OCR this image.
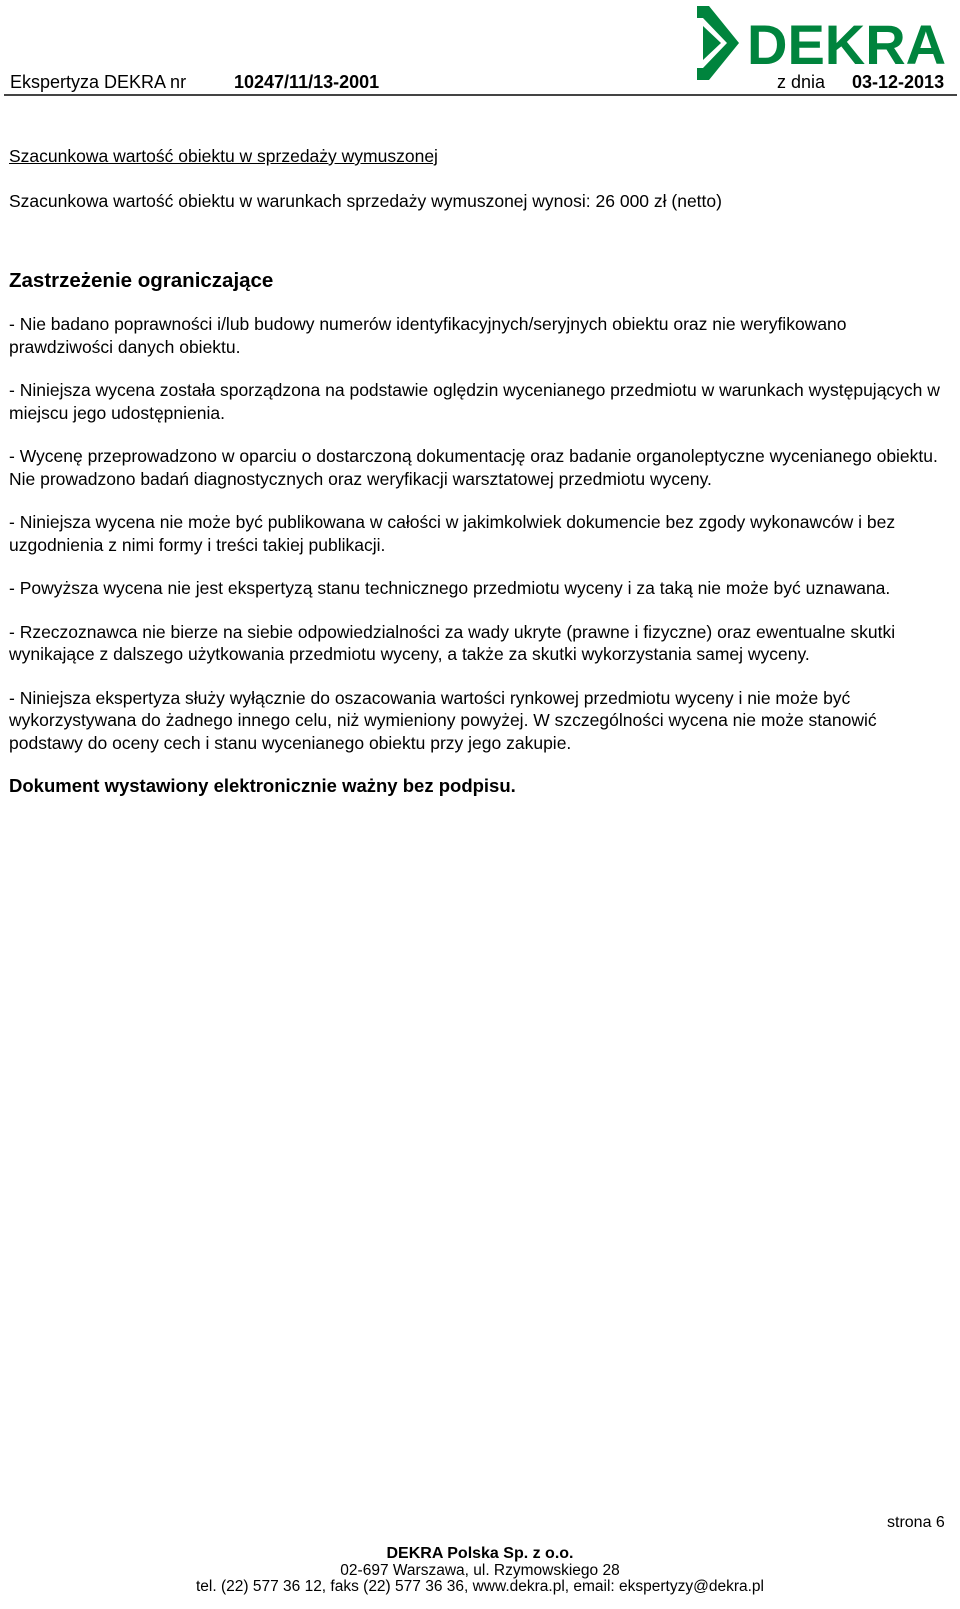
Ekspertyza DEKRA nr	10247/11/13-2001	z dnia 03-12-2013
DEKRA

Szacunkowa wartość obiektu w sprzedaży wymuszonej

Szacunkowa wartość obiektu w warunkach sprzedaży wymuszonej wynosi: 26 000 zł (netto)

Zastrzeżenie ograniczające

- Nie badano poprawności i/lub budowy numerów identyfikacyjnych/seryjnych obiektu oraz nie weryfikowano prawdziwości danych obiektu.

- Niniejsza wycena została sporządzona na podstawie oględzin wycenianego przedmiotu w warunkach występujących w miejscu jego udostępnienia.

- Wycenę przeprowadzono w oparciu o dostarczoną dokumentację oraz badanie organoleptyczne wycenianego obiektu. Nie prowadzono badań diagnostycznych oraz weryfikacji warsztatowej przedmiotu wyceny.

- Niniejsza wycena nie może być publikowana w całości w jakimkolwiek dokumencie bez zgody wykonawców i bez uzgodnienia z nimi formy i treści takiej publikacji.

- Powyższa wycena nie jest ekspertyzą stanu technicznego przedmiotu wyceny i za taką nie może być uznawana.

- Rzeczoznawca nie bierze na siebie odpowiedzialności za wady ukryte (prawne i fizyczne) oraz ewentualne skutki wynikające z dalszego użytkowania przedmiotu wyceny, a także za skutki wykorzystania samej wyceny.

- Niniejsza ekspertyza służy wyłącznie do oszacowania wartości rynkowej przedmiotu wyceny i nie może być wykorzystywana do żadnego innego celu, niż wymieniony powyżej. W szczególności wycena nie może stanowić podstawy do oceny cech i stanu wycenianego obiektu przy jego zakupie.

Dokument wystawiony elektronicznie ważny bez podpisu.

strona 6
DEKRA Polska Sp. z o.o.
02-697 Warszawa, ul. Rzymowskiego 28
tel. (22) 577 36 12, faks (22) 577 36 36, www.dekra.pl, email: ekspertyzy@dekra.pl
